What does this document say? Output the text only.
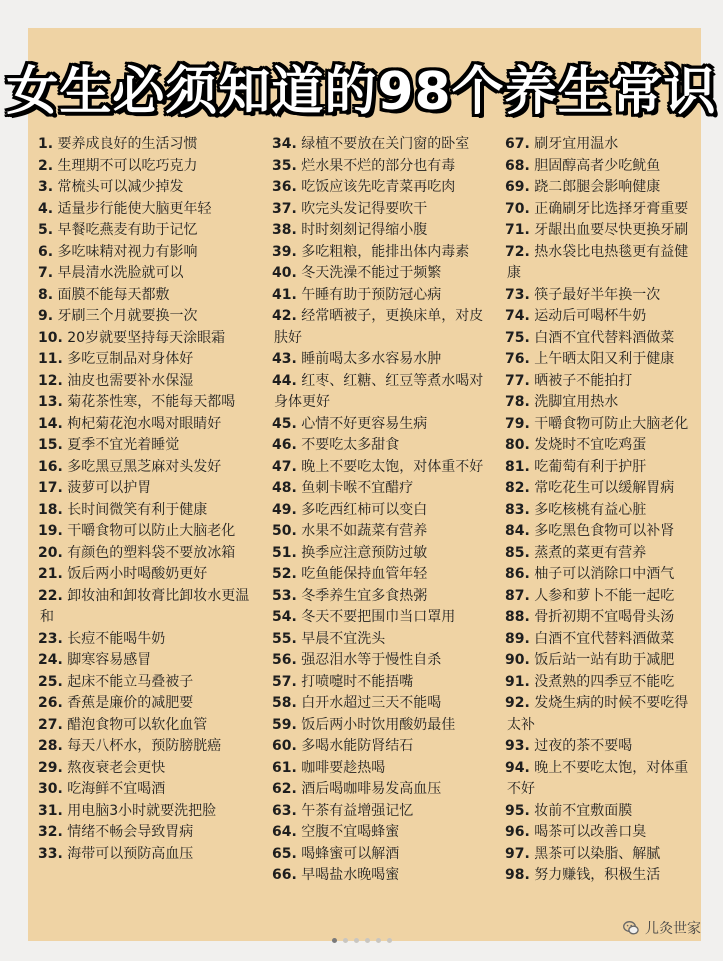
女生必须知道的98个养生常识
1. 要养成良好的生活习惯
2. 生理期不可以吃巧克力
3. 常梳头可以减少掉发
4. 适量步行能使大脑更年轻
5. 早餐吃燕麦有助于记忆
6. 多吃味精对视力有影响
7. 早晨清水洗脸就可以
8. 面膜不能每天都敷
9. 牙刷三个月就要换一次
10. 20岁就要坚持每天涂眼霜
11. 多吃豆制品对身体好
12. 油皮也需要补水保湿
13. 菊花茶性寒，不能每天都喝
14. 枸杞菊花泡水喝对眼睛好
15. 夏季不宜光着睡觉
16. 多吃黑豆黑芝麻对头发好
17. 菠萝可以护胃
18. 长时间微笑有利于健康
19. 干嚼食物可以防止大脑老化
20. 有颜色的塑料袋不要放冰箱
21. 饭后两小时喝酸奶更好
22. 卸妆油和卸妆膏比卸妆水更温和
23. 长痘不能喝牛奶
24. 脚寒容易感冒
25. 起床不能立马叠被子
26. 香蕉是廉价的减肥要
27. 醋泡食物可以软化血管
28. 每天八杯水，预防膀胱癌
29. 熬夜衰老会更快
30. 吃海鲜不宜喝酒
31. 用电脑3小时就要洗把脸
32. 情绪不畅会导致胃病
33. 海带可以预防高血压
34. 绿植不要放在关门窗的卧室
35. 烂水果不烂的部分也有毒
36. 吃饭应该先吃青菜再吃肉
37. 吹完头发记得要吹干
38. 时时刻刻记得缩小腹
39. 多吃粗粮，能排出体内毒素
40. 冬天洗澡不能过于频繁
41. 午睡有助于预防冠心病
42. 经常晒被子，更换床单，对皮肤好
43. 睡前喝太多水容易水肿
44. 红枣、红糖、红豆等煮水喝对身体更好
45. 心情不好更容易生病
46. 不要吃太多甜食
47. 晚上不要吃太饱，对体重不好
48. 鱼刺卡喉不宜醋疗
49. 多吃西红柿可以变白
50. 水果不如蔬菜有营养
51. 换季应注意预防过敏
52. 吃鱼能保持血管年轻
53. 冬季养生宜多食热粥
54. 冬天不要把围巾当口罩用
55. 早晨不宜洗头
56. 强忍泪水等于慢性自杀
57. 打喷嚏时不能捂嘴
58. 白开水超过三天不能喝
59. 饭后两小时饮用酸奶最佳
60. 多喝水能防肾结石
61. 咖啡要趁热喝
62. 酒后喝咖啡易发高血压
63. 午茶有益增强记忆
64. 空腹不宜喝蜂蜜
65. 喝蜂蜜可以解酒
66. 早喝盐水晚喝蜜
67. 刷牙宜用温水
68. 胆固醇高者少吃鱿鱼
69. 跷二郎腿会影响健康
70. 正确刷牙比选择牙膏重要
71. 牙龈出血要尽快更换牙刷
72. 热水袋比电热毯更有益健康
73. 筷子最好半年换一次
74. 运动后可喝杯牛奶
75. 白酒不宜代替料酒做菜
76. 上午晒太阳又利于健康
77. 晒被子不能拍打
78. 洗脚宜用热水
79. 干嚼食物可防止大脑老化
80. 发烧时不宜吃鸡蛋
81. 吃葡萄有利于护肝
82. 常吃花生可以缓解胃病
83. 多吃核桃有益心脏
84. 多吃黑色食物可以补肾
85. 蒸煮的菜更有营养
86. 柚子可以消除口中酒气
87. 人参和萝卜不能一起吃
88. 骨折初期不宜喝骨头汤
89. 白酒不宜代替料酒做菜
90. 饭后站一站有助于减肥
91. 没煮熟的四季豆不能吃
92. 发烧生病的时候不要吃得太补
93. 过夜的茶不要喝
94. 晚上不要吃太饱，对体重不好
95. 妆前不宜敷面膜
96. 喝茶可以改善口臭
97. 黑茶可以染脂、解腻
98. 努力赚钱，积极生活
儿灸世家
